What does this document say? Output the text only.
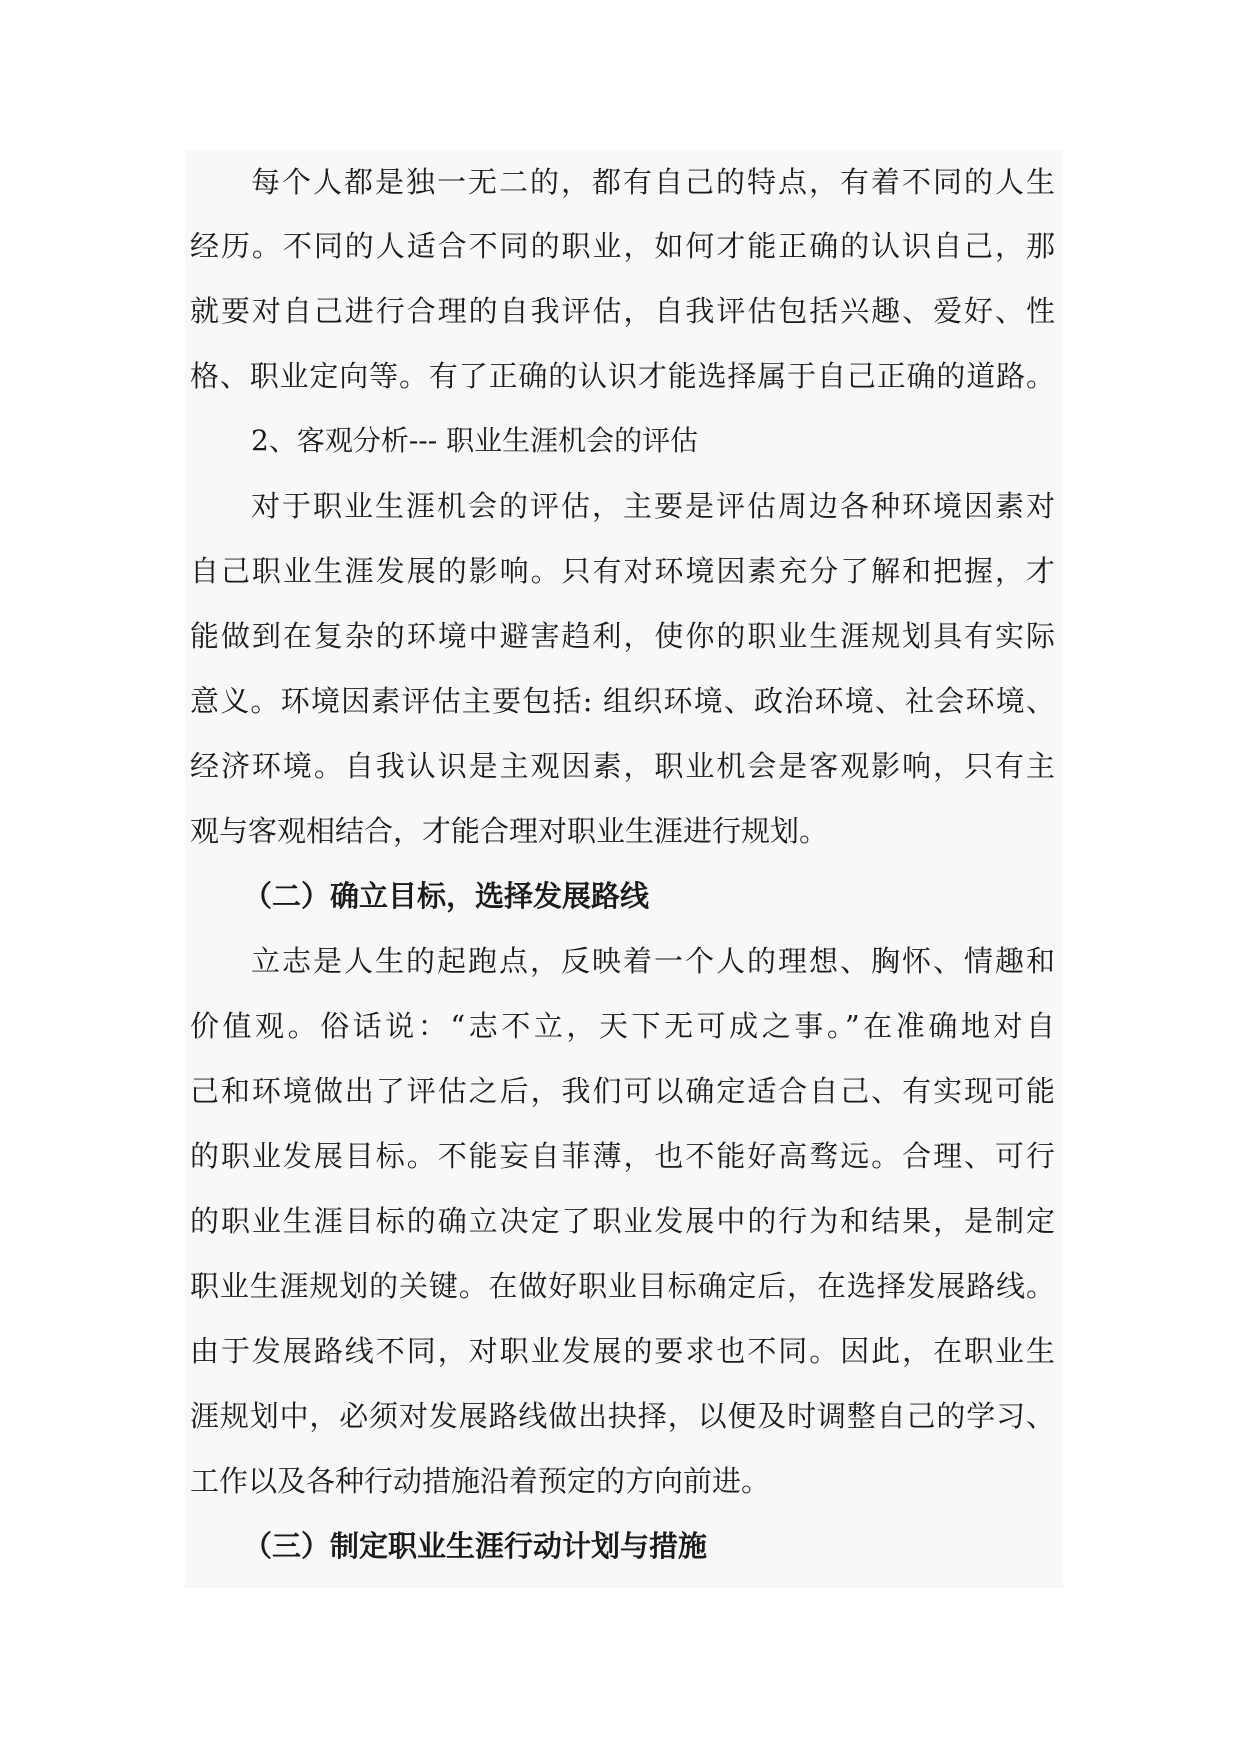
每个人都是独一无二的，都有自己的特点，有着不同的人生
经历。不同的人适合不同的职业，如何才能正确的认识自己，那
就要对自己进行合理的自我评估，自我评估包括兴趣、爱好、性
格、职业定向等。有了正确的认识才能选择属于自己正确的道路。
2、客观分析--- 职业生涯机会的评估
对于职业生涯机会的评估，主要是评估周边各种环境因素对
自己职业生涯发展的影响。只有对环境因素充分了解和把握，才
能做到在复杂的环境中避害趋利，使你的职业生涯规划具有实际
意义。环境因素评估主要包括: 组织环境、政治环境、社会环境、
经济环境。自我认识是主观因素，职业机会是客观影响，只有主
观与客观相结合，才能合理对职业生涯进行规划。
（二）确立目标，选择发展路线
立志是人生的起跑点，反映着一个人的理想、胸怀、情趣和
价值观。俗话说：“志不立，天下无可成之事。”在准确地对自
己和环境做出了评估之后，我们可以确定适合自己、有实现可能
的职业发展目标。不能妄自菲薄，也不能好高骛远。合理、可行
的职业生涯目标的确立决定了职业发展中的行为和结果，是制定
职业生涯规划的关键。在做好职业目标确定后，在选择发展路线。
由于发展路线不同，对职业发展的要求也不同。因此，在职业生
涯规划中，必须对发展路线做出抉择，以便及时调整自己的学习、
工作以及各种行动措施沿着预定的方向前进。
（三）制定职业生涯行动计划与措施
